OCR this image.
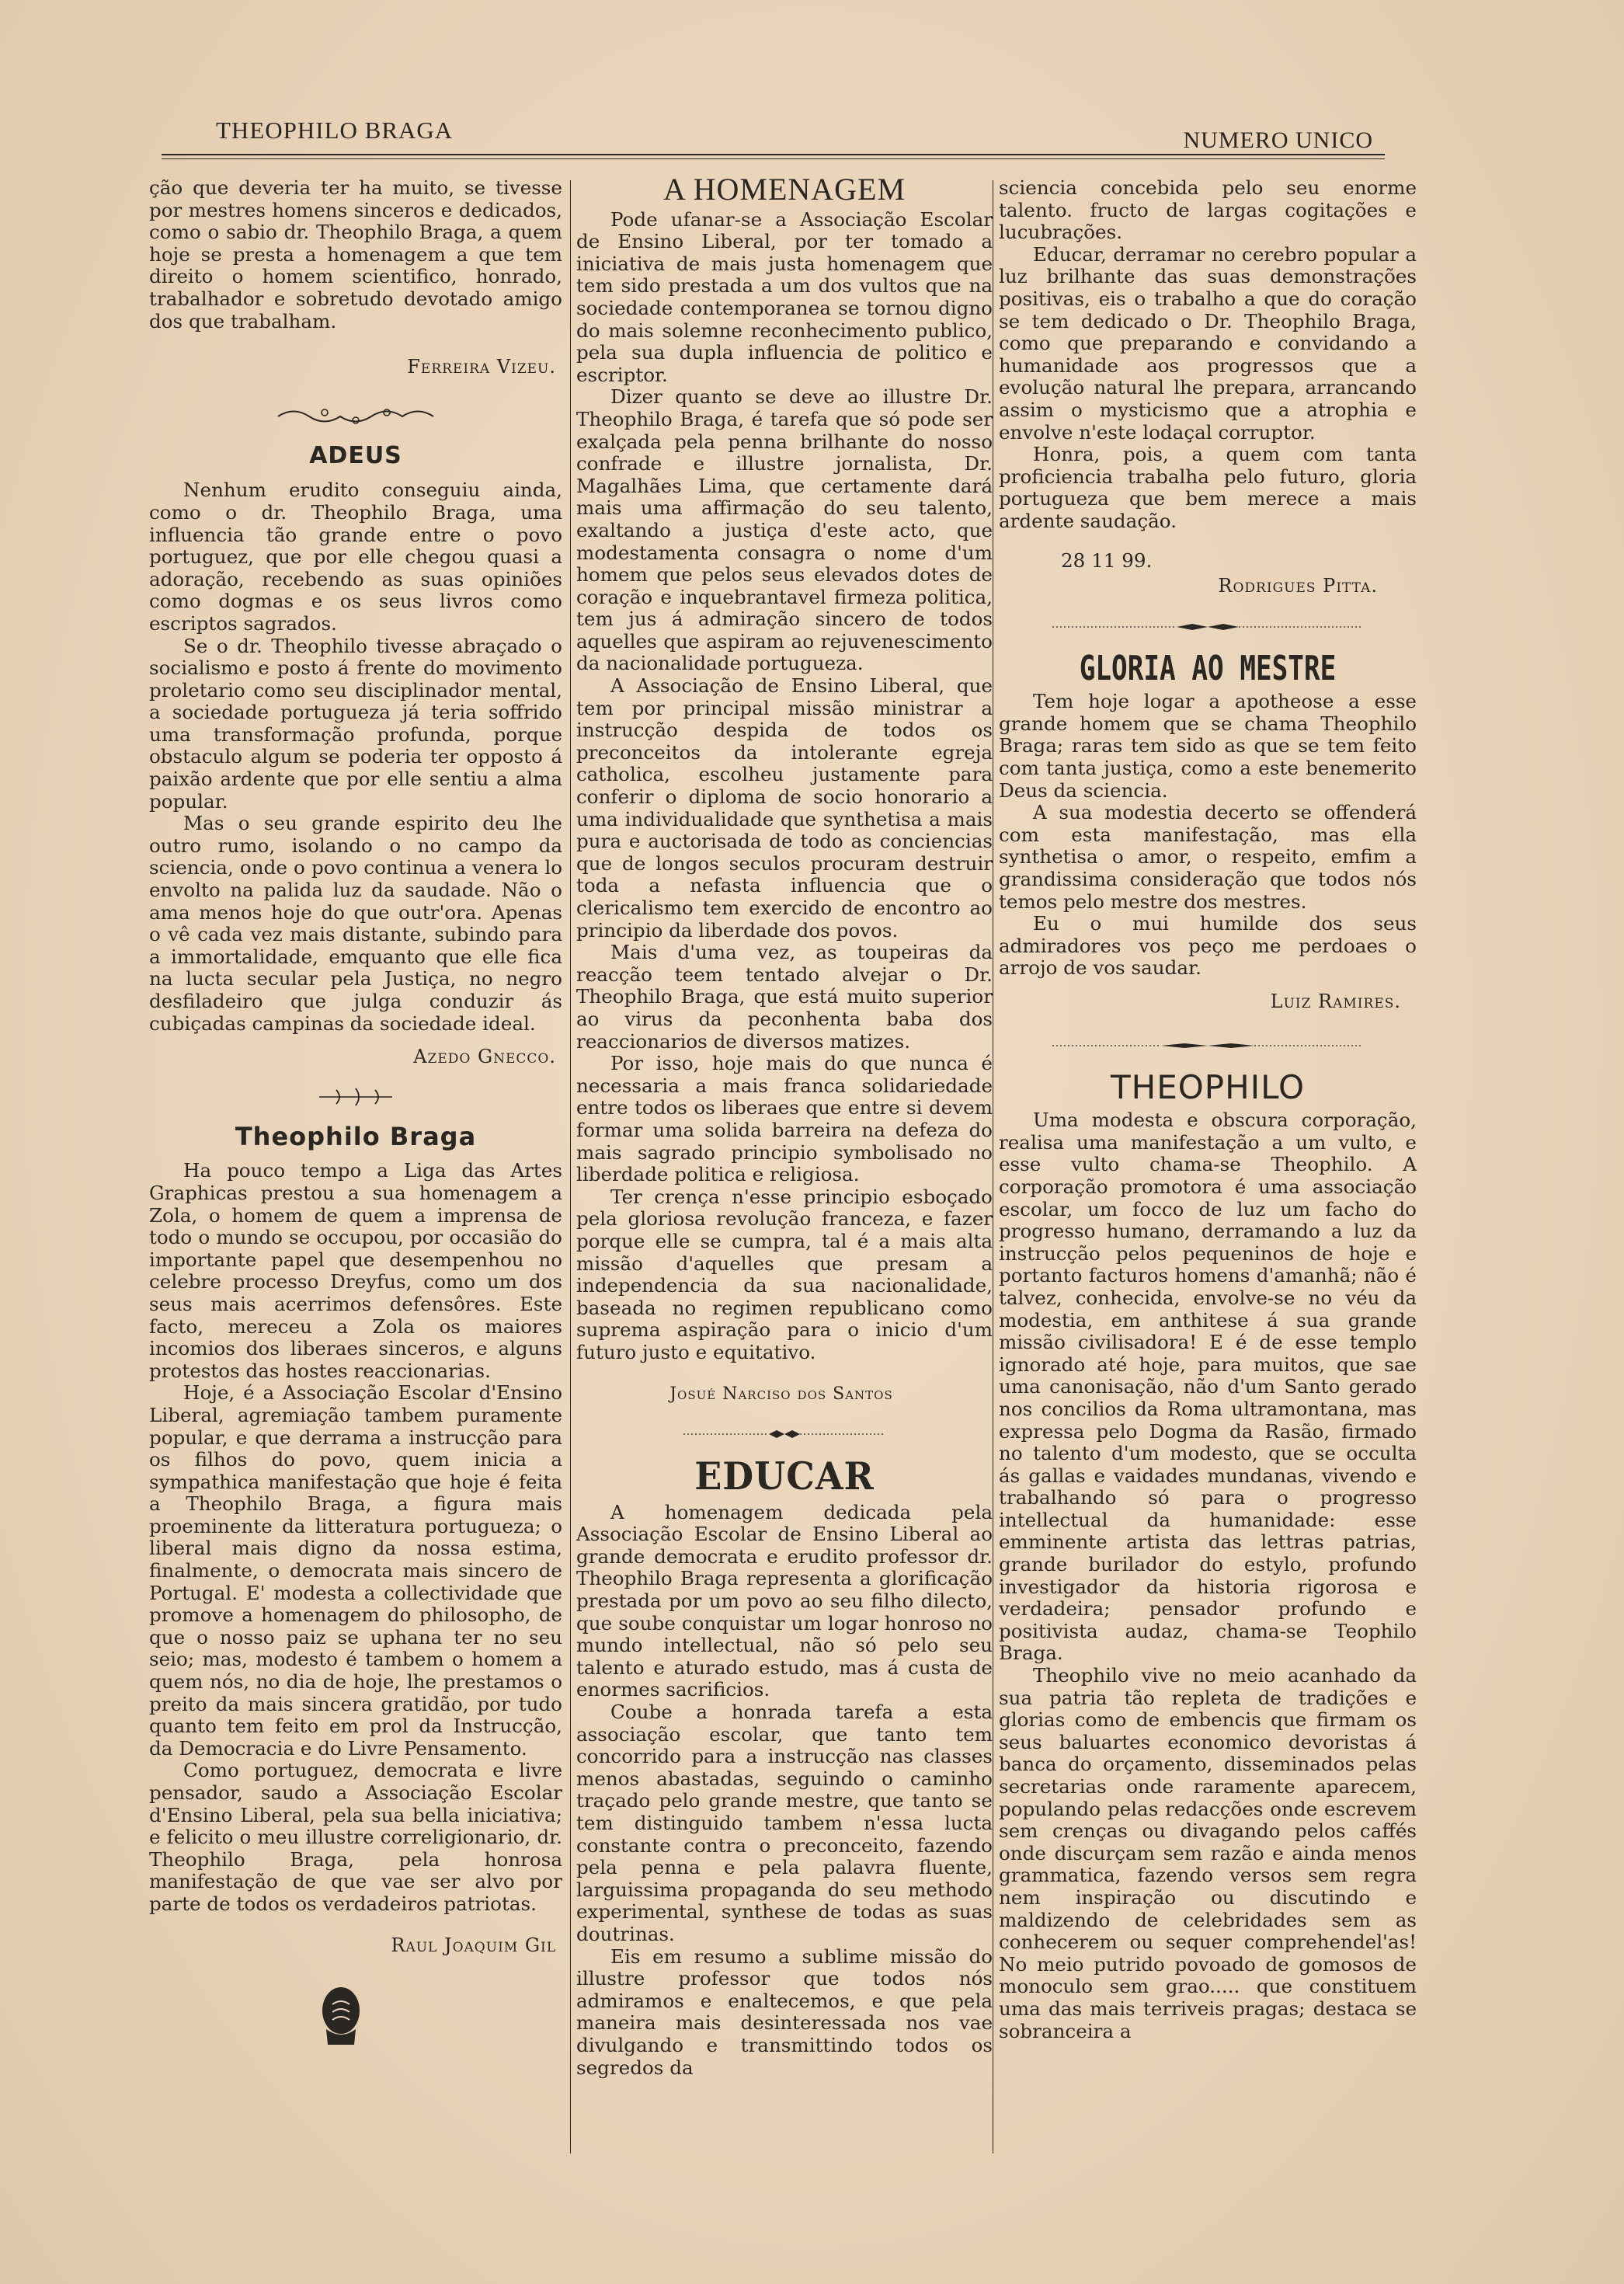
THEOPHILO BRAGA	NUMERO UNICO

ção que deveria ter ha muito, se tivesse por mestres homens sinceros e dedicados, como o sabio dr. Theophilo Braga, a quem hoje se presta a homenagem a que tem direito o homem scientifico, honrado, trabalhador e sobretudo devotado amigo dos que trabalham.

Ferreira Vizeu.
ADEUS

Nenhum erudito conseguiu ainda, como o dr. Theophilo Braga, uma influencia tão grande entre o povo portuguez, que por elle chegou quasi a adoração, recebendo as suas opiniões como dogmas e os seus livros como escriptos sagrados.

Se o dr. Theophilo tivesse abraçado o socialismo e posto á frente do movimento proletario como seu disciplinador mental, a sociedade portugueza já teria soffrido uma transformação profunda, porque obstaculo algum se poderia ter opposto á paixão ardente que por elle sentiu a alma popular.

Mas o seu grande espirito deu lhe outro rumo, isolando o no campo da sciencia, onde o povo continua a venera lo envolto na palida luz da saudade. Não o ama menos hoje do que outr'ora. Apenas o vê cada vez mais distante, subindo para a immortalidade, emquanto que elle fica na lucta secular pela Justiça, no negro desfiladeiro que julga conduzir ás cubiçadas campinas da sociedade ideal.

Azedo Gnecco.
Theophilo Braga

Ha pouco tempo a Liga das Artes Graphicas prestou a sua homenagem a Zola, o homem de quem a imprensa de todo o mundo se occupou, por occasião do importante papel que desempenhou no celebre processo Dreyfus, como um dos seus mais acerrimos defensôres. Este facto, mereceu a Zola os maiores incomios dos liberaes sinceros, e alguns protestos das hostes reaccionarias.

Hoje, é a Associação Escolar d'Ensino Liberal, agremiação tambem puramente popular, e que derrama a instrucção para os filhos do povo, quem inicia a sympathica manifestação que hoje é feita a Theophilo Braga, a figura mais proeminente da litteratura portugueza; o liberal mais digno da nossa estima, finalmente, o democrata mais sincero de Portugal. E' modesta a collectividade que promove a homenagem do philosopho, de que o nosso paiz se uphana ter no seu seio; mas, modesto é tambem o homem a quem nós, no dia de hoje, lhe prestamos o preito da mais sincera gratidão, por tudo quanto tem feito em prol da Instrucção, da Democracia e do Livre Pensamento.

Como portuguez, democrata e livre pensador, saudo a Associação Escolar d'Ensino Liberal, pela sua bella iniciativa; e felicito o meu illustre correligionario, dr. Theophilo Braga, pela honrosa manifestação de que vae ser alvo por parte de todos os verdadeiros patriotas.

Raul Joaquim Gil
A HOMENAGEM

Pode ufanar-se a Associação Escolar de Ensino Liberal, por ter tomado a iniciativa de mais justa homenagem que tem sido prestada a um dos vultos que na sociedade contemporanea se tornou digno do mais solemne reconhecimento publico, pela sua dupla influencia de politico e escriptor.

Dizer quanto se deve ao illustre Dr. Theophilo Braga, é tarefa que só pode ser exalçada pela penna brilhante do nosso confrade e illustre jornalista, Dr. Magalhães Lima, que certamente dará mais uma affirmação do seu talento, exaltando a justiça d'este acto, que modestamenta consagra o nome d'um homem que pelos seus elevados dotes de coração e inquebrantavel firmeza politica, tem jus á admiração sincero de todos aquelles que aspiram ao rejuvenescimento da nacionalidade portugueza.

A Associação de Ensino Liberal, que tem por principal missão ministrar a instrucção despida de todos os preconceitos da intolerante egreja catholica, escolheu justamente para conferir o diploma de socio honorario a uma individualidade que synthetisa a mais pura e auctorisada de todo as conciencias que de longos seculos procuram destruir toda a nefasta influencia que o clericalismo tem exercido de encontro ao principio da liberdade dos povos.

Mais d'uma vez, as toupeiras da reacção teem tentado alvejar o Dr. Theophilo Braga, que está muito superior ao virus da peconhenta baba dos reaccionarios de diversos matizes.

Por isso, hoje mais do que nunca é necessaria a mais franca solidariedade entre todos os liberaes que entre si devem formar uma solida barreira na defeza do mais sagrado principio symbolisado no liberdade politica e religiosa.

Ter crença n'esse principio esboçado pela gloriosa revolução franceza, e fazer porque elle se cumpra, tal é a mais alta missão d'aquelles que presam a independencia da sua nacionalidade, baseada no regimen republicano como suprema aspiração para o inicio d'um futuro justo e equitativo.

Josué Narciso dos Santos
EDUCAR

A homenagem dedicada pela Associação Escolar de Ensino Liberal ao grande democrata e erudito professor dr. Theophilo Braga representa a glorificação prestada por um povo ao seu filho dilecto, que soube conquistar um logar honroso no mundo intellectual, não só pelo seu talento e aturado estudo, mas á custa de enormes sacrificios.

Coube a honrada tarefa a esta associação escolar, que tanto tem concorrido para a instrucção nas classes menos abastadas, seguindo o caminho traçado pelo grande mestre, que tanto se tem distinguido tambem n'essa lucta constante contra o preconceito, fazendo pela penna e pela palavra fluente, larguissima propaganda do seu methodo experimental, synthese de todas as suas doutrinas.

Eis em resumo a sublime missão do illustre professor que todos nós admiramos e enaltecemos, e que pela maneira mais desinteressada nos vae divulgando e transmittindo todos os segredos da

sciencia concebida pelo seu enorme talento. fructo de largas cogitações e lucubrações.

Educar, derramar no cerebro popular a luz brilhante das suas demonstrações positivas, eis o trabalho a que do coração se tem dedicado o Dr. Theophilo Braga, como que preparando e convidando a humanidade aos progressos que a evolução natural lhe prepara, arrancando assim o mysticismo que a atrophia e envolve n'este lodaçal corruptor.

Honra, pois, a quem com tanta proficiencia trabalha pelo futuro, gloria portugueza que bem merece a mais ardente saudação.

28 11 99.
Rodrigues Pitta.
GLORIA AO MESTRE

Tem hoje logar a apotheose a esse grande homem que se chama Theophilo Braga; raras tem sido as que se tem feito com tanta justiça, como a este benemerito Deus da sciencia.

A sua modestia decerto se offenderá com esta manifestação, mas ella synthetisa o amor, o respeito, emfim a grandissima consideração que todos nós temos pelo mestre dos mestres.

Eu o mui humilde dos seus admiradores vos peço me perdoaes o arrojo de vos saudar.

Luiz Ramires.
THEOPHILO

Uma modesta e obscura corporação, realisa uma manifestação a um vulto, e esse vulto chama-se Theophilo. A corporação promotora é uma associação escolar, um focco de luz um facho do progresso humano, derramando a luz da instrucção pelos pequeninos de hoje e portanto facturos homens d'amanhã; não é talvez, conhecida, envolve-se no véu da modestia, em anthitese á sua grande missão civilisadora! E é de esse templo ignorado até hoje, para muitos, que sae uma canonisação, não d'um Santo gerado nos concilios da Roma ultramontana, mas expressa pelo Dogma da Rasão, firmado no talento d'um modesto, que se occulta ás gallas e vaidades mundanas, vivendo e trabalhando só para o progresso intellectual da humanidade: esse emminente artista das lettras patrias, grande burilador do estylo, profundo investigador da historia rigorosa e verdadeira; pensador profundo e positivista audaz, chama-se Teophilo Braga.

Theophilo vive no meio acanhado da sua patria tão repleta de tradições e glorias como de embencis que firmam os seus baluartes economico devoristas á banca do orçamento, disseminados pelas secretarias onde raramente aparecem, populando pelas redacções onde escrevem sem crenças ou divagando pelos caffés onde discurçam sem razão e ainda menos grammatica, fazendo versos sem regra nem inspiração ou discutindo e maldizendo de celebridades sem as conhecerem ou sequer comprehendel'as! No meio putrido povoado de gomosos de monoculo sem grao..... que constituem uma das mais terriveis pragas; destaca se sobranceira a
